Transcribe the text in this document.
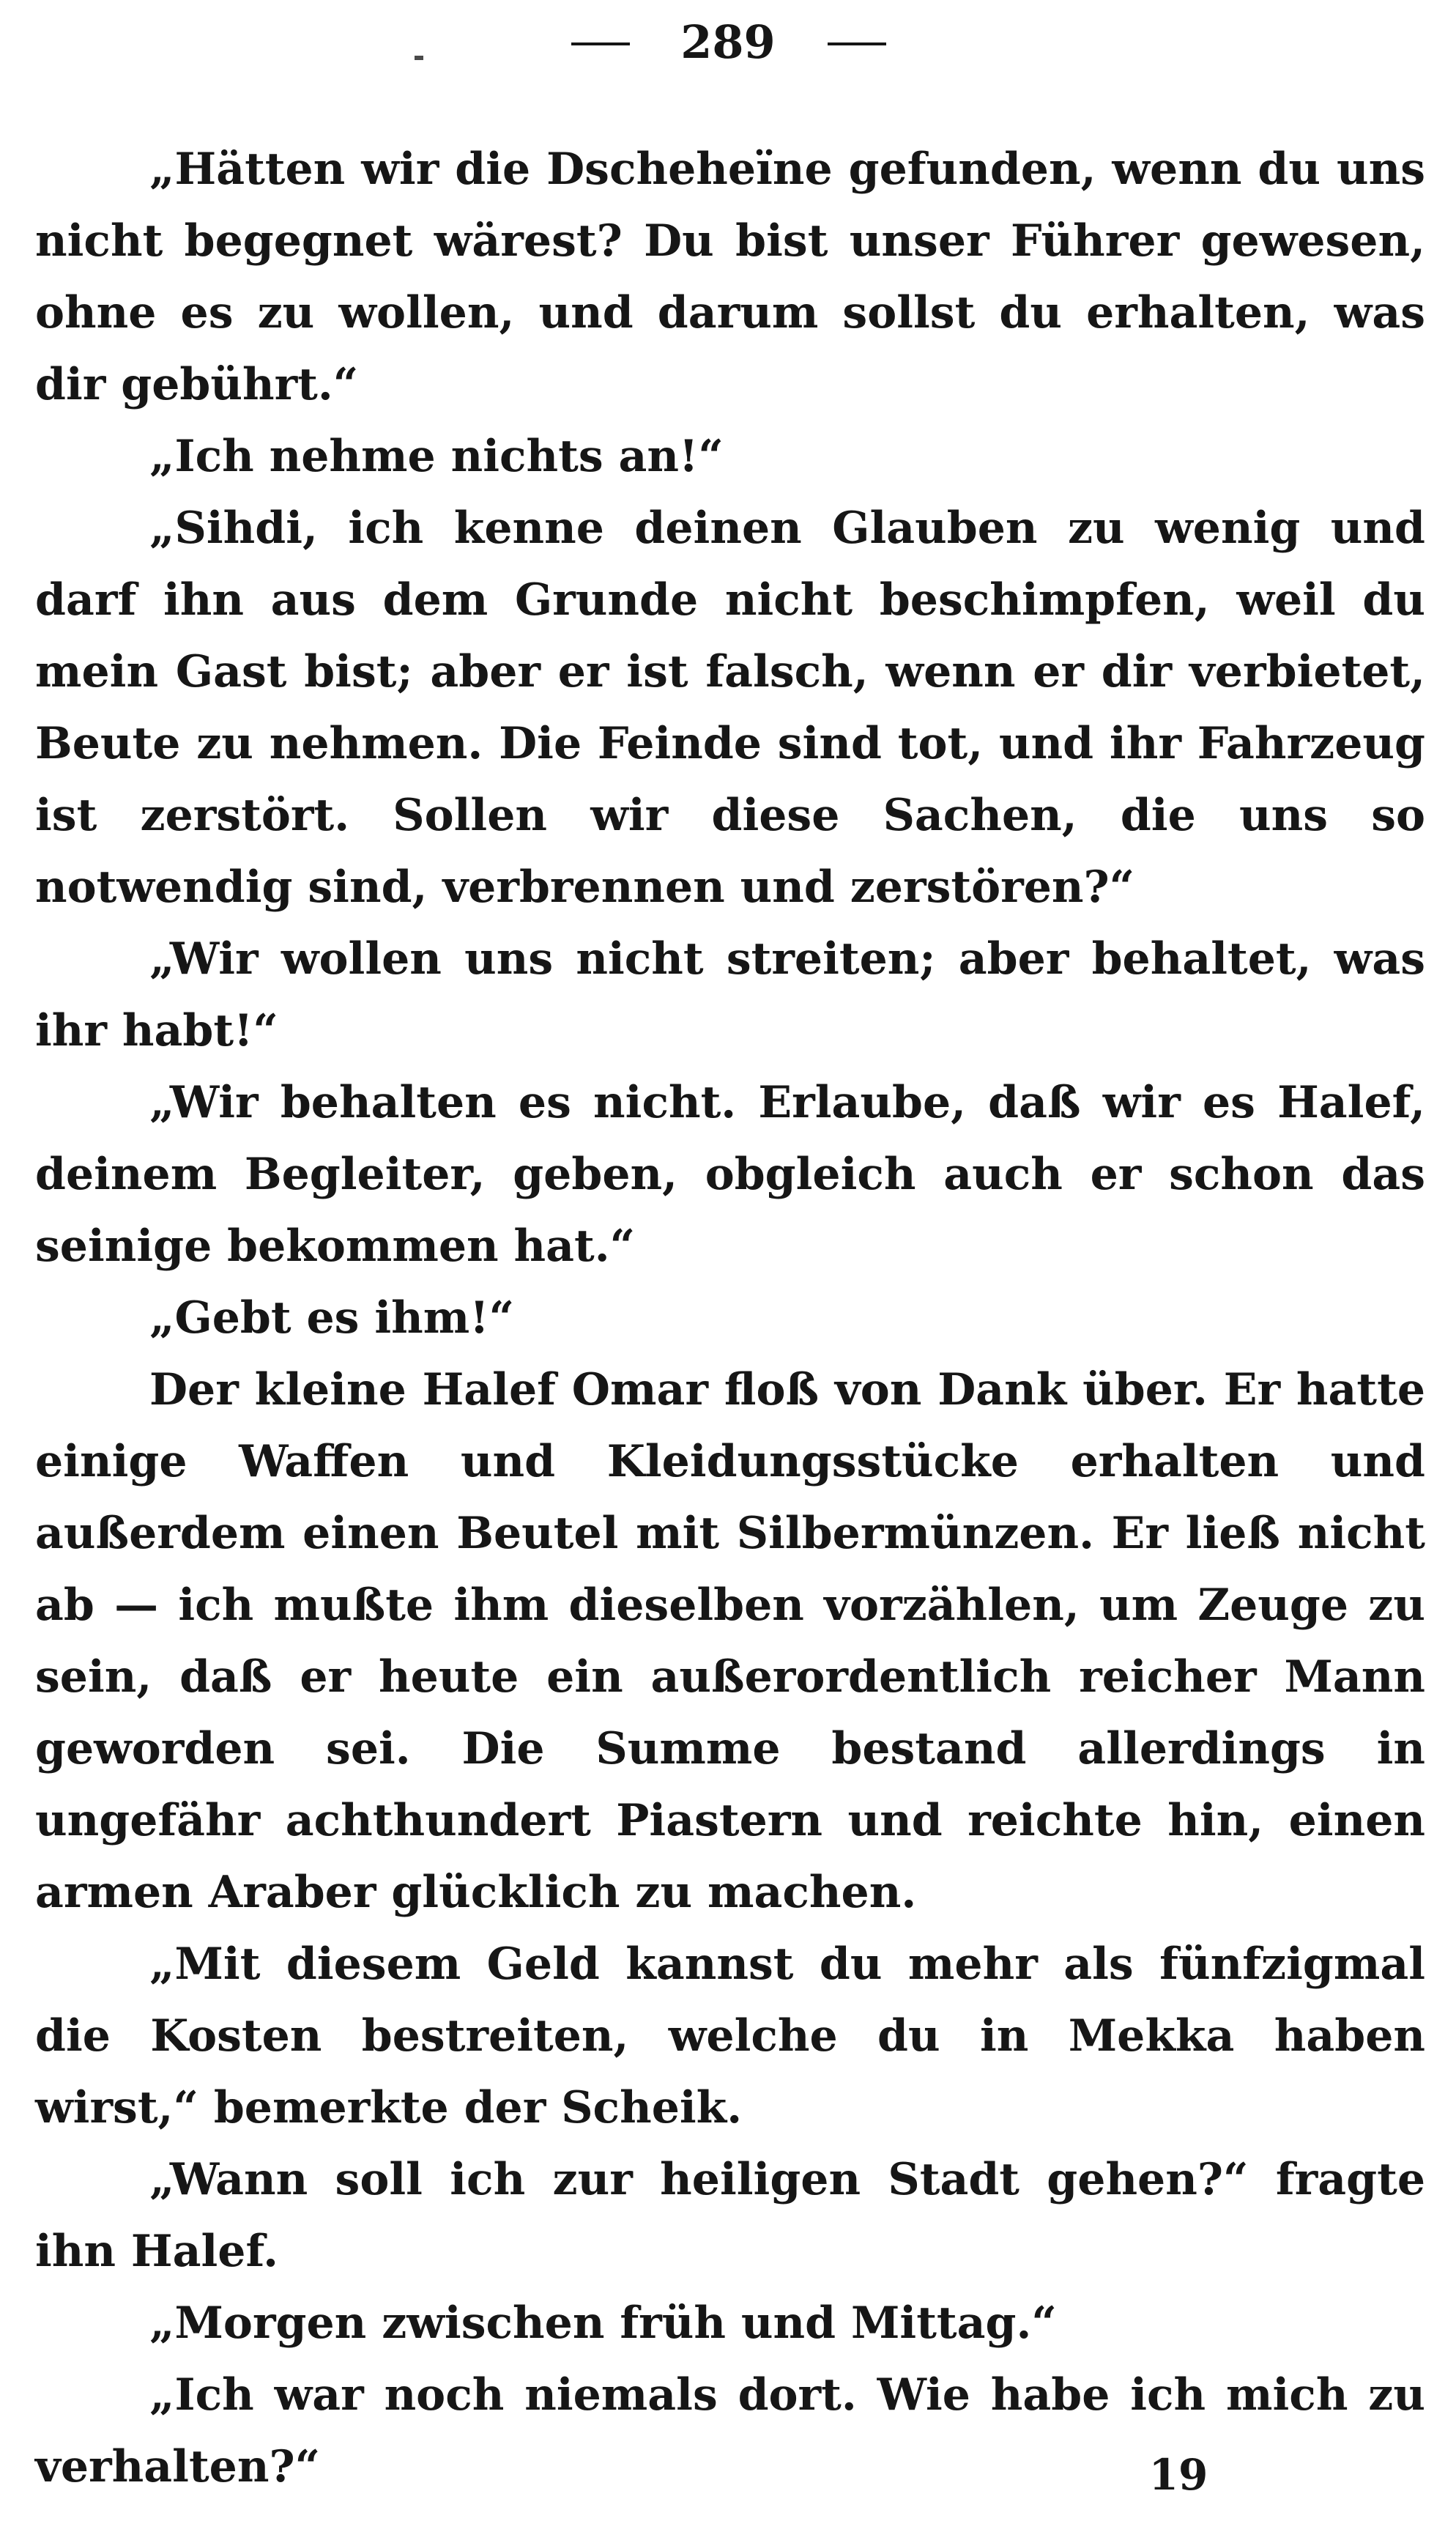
289

„Hätten wir die Dscheheïne gefunden, wenn du uns nicht begegnet wärest? Du bist unser Führer gewesen, ohne es zu wollen, und darum sollst du erhalten, was dir gebührt.“

„Ich nehme nichts an!“

„Sihdi, ich kenne deinen Glauben zu wenig und darf ihn aus dem Grunde nicht beschimpfen, weil du mein Gast bist; aber er ist falsch, wenn er dir verbietet, Beute zu nehmen. Die Feinde sind tot, und ihr Fahrzeug ist zerstört. Sollen wir diese Sachen, die uns so notwendig sind, verbrennen und zerstören?“

„Wir wollen uns nicht streiten; aber behaltet, was ihr habt!“

„Wir behalten es nicht. Erlaube, daß wir es Halef, deinem Begleiter, geben, obgleich auch er schon das seinige bekommen hat.“

„Gebt es ihm!“

Der kleine Halef Omar floß von Dank über. Er hatte einige Waffen und Kleidungsstücke erhalten und außerdem einen Beutel mit Silbermünzen. Er ließ nicht ab — ich mußte ihm dieselben vorzählen, um Zeuge zu sein, daß er heute ein außerordentlich reicher Mann geworden sei. Die Summe bestand allerdings in ungefähr achthundert Piastern und reichte hin, einen armen Araber glücklich zu machen.

„Mit diesem Geld kannst du mehr als fünfzigmal die Kosten bestreiten, welche du in Mekka haben wirst,“ bemerkte der Scheik.

„Wann soll ich zur heiligen Stadt gehen?“ fragte ihn Halef.

„Morgen zwischen früh und Mittag.“

„Ich war noch niemals dort. Wie habe ich mich zu verhalten?“	19
